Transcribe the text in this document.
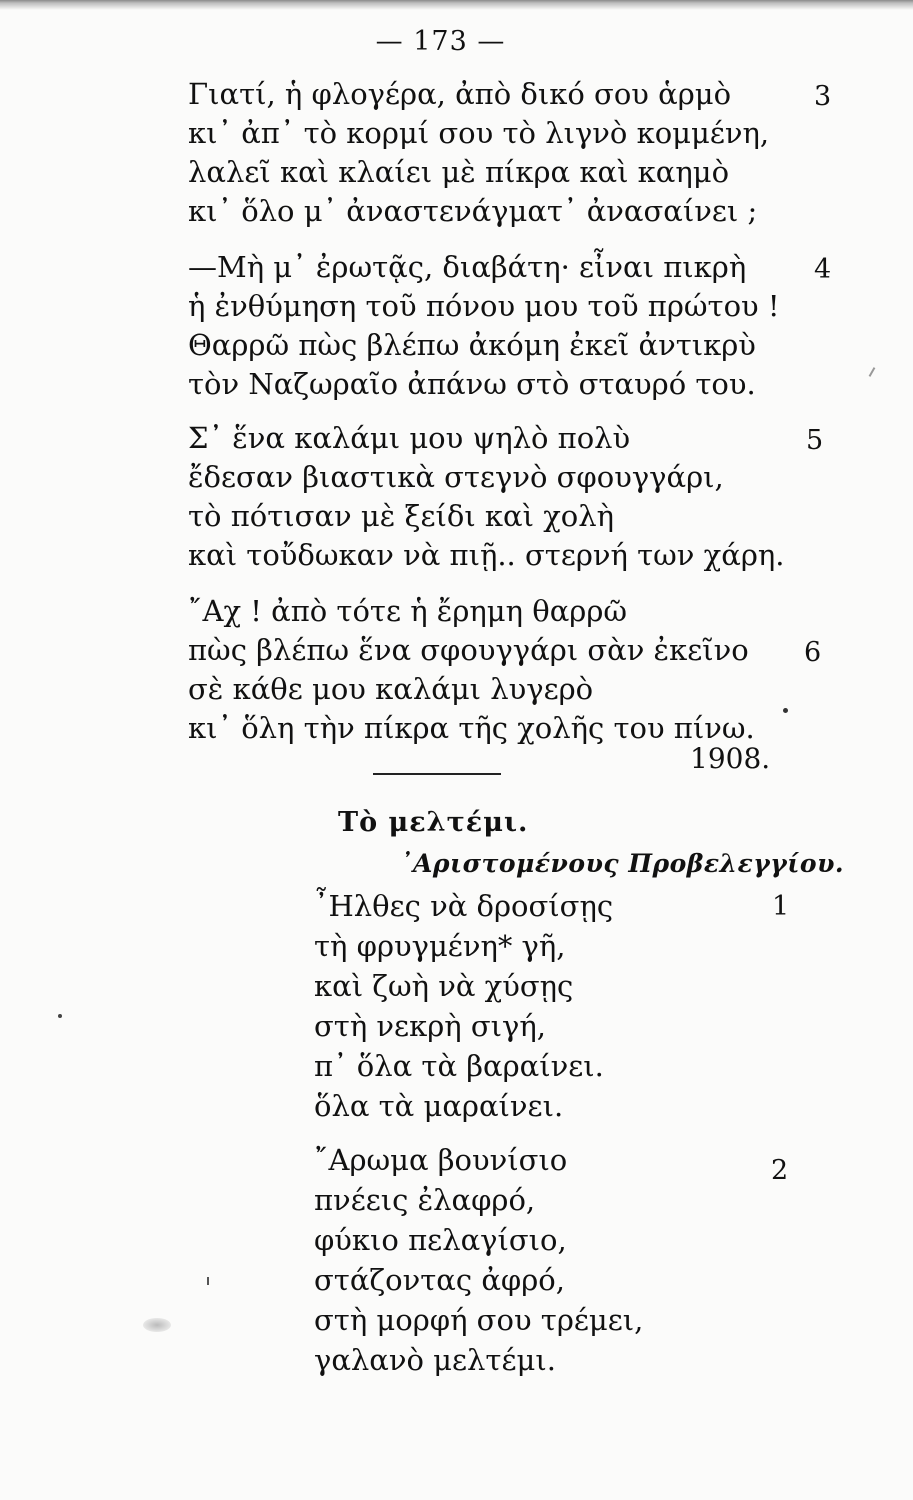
— 173 —
Γιατί, ἡ φλογέρα, ἀπὸ δικό σου ἁρμὸ
κι᾿ ἀπ᾿ τὸ κορμί σου τὸ λιγνὸ κομμένη,
λαλεῖ καὶ κλαίει μὲ πίκρα καὶ καημὸ
κι᾿ ὅλο μ᾿ ἀναστενάγματ᾿ ἀνασαίνει ;
3
—Μὴ μ᾿ ἐρωτᾷς, διαβάτη· εἶναι πικρὴ
ἡ ἐνθύμηση τοῦ πόνου μου τοῦ πρώτου !
Θαρρῶ πὼς βλέπω ἀκόμη ἐκεῖ ἀντικρὺ
τὸν Ναζωραῖο ἀπάνω στὸ σταυρό του.
4
Σ᾿ ἕνα καλάμι μου ψηλὸ πολὺ
ἔδεσαν βιαστικὰ στεγνὸ σφουγγάρι,
τὸ πότισαν μὲ ξείδι καὶ χολὴ
καὶ τοὔδωκαν νὰ πιῇ.. στερνή των χάρη.
5
῎Αχ ! ἀπὸ τότε ἡ ἔρημη θαρρῶ
πὼς βλέπω ἕνα σφουγγάρι σὰν ἐκεῖνο
σὲ κάθε μου καλάμι λυγερὸ
κι᾿ ὅλη τὴν πίκρα τῆς χολῆς του πίνω.
6
1908.
Τὸ μελτέμι.
᾿Αριστομένους Προβελεγγίου.
῏Ηλθες νὰ δροσίσῃς
τὴ φρυγμένη* γῆ,
καὶ ζωὴ νὰ χύσῃς
στὴ νεκρὴ σιγή,
π᾿ ὅλα τὰ βαραίνει.
ὅλα τὰ μαραίνει.
1
῎Αρωμα βουνίσιο
πνέεις ἐλαφρό,
φύκιο πελαγίσιο,
στάζοντας ἀφρό,
στὴ μορφή σου τρέμει,
γαλανὸ μελτέμι.
2
